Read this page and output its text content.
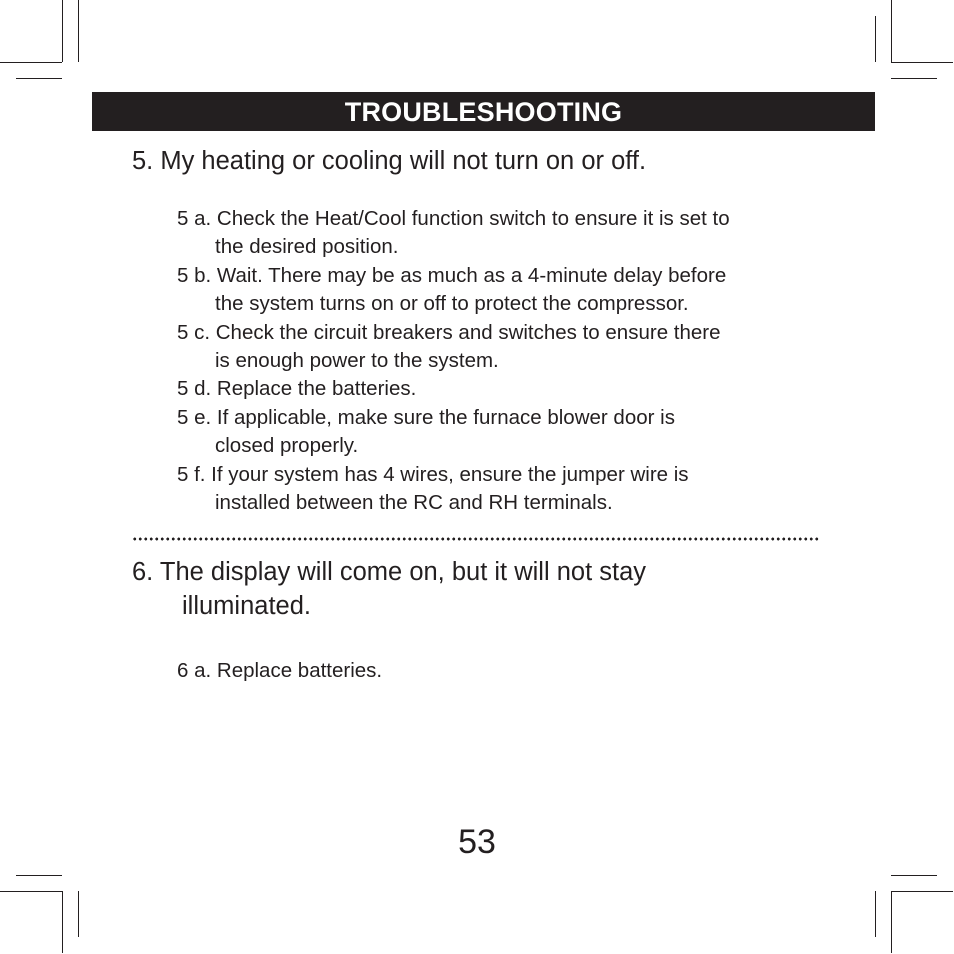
TROUBLESHOOTING
5. My heating or cooling will not turn on or off.
5 a. Check the Heat/Cool function switch to ensure it is set to
the desired position.
5 b. Wait. There may be as much as a 4-minute delay before
the system turns on or off to protect the compressor.
5 c. Check the circuit breakers and switches to ensure there
is enough power to the system.
5 d. Replace the batteries.
5 e. If applicable, make sure the furnace blower door is
closed properly.
5 f. If your system has 4 wires, ensure the jumper wire is
installed between the RC and RH terminals.
6. The display will come on, but it will not stay
illuminated.
6 a. Replace batteries.
53
